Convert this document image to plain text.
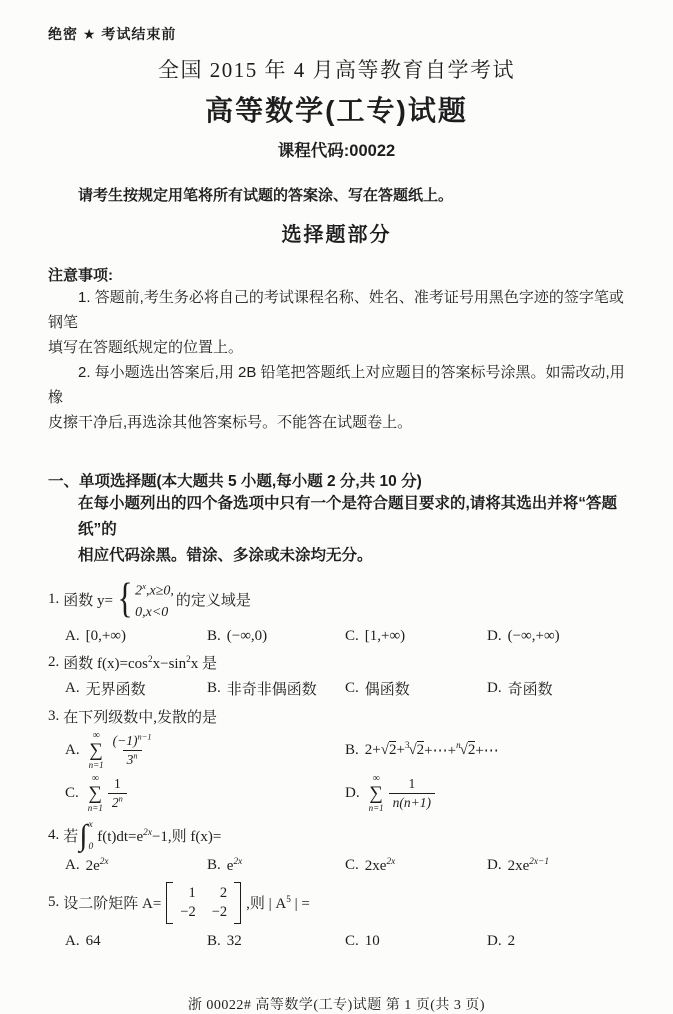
绝密 ★ 考试结束前
全国 2015 年 4 月高等教育自学考试
高等数学(工专)试题
课程代码:00022
请考生按规定用笔将所有试题的答案涂、写在答题纸上。
选择题部分
注意事项:
1. 答题前,考生务必将自己的考试课程名称、姓名、准考证号用黑色字迹的签字笔或钢笔
填写在答题纸规定的位置上。
2. 每小题选出答案后,用 2B 铅笔把答题纸上对应题目的答案标号涂黑。如需改动,用橡
皮擦干净后,再选涂其他答案标号。不能答在试题卷上。
一、单项选择题(本大题共 5 小题,每小题 2 分,共 10 分)
在每小题列出的四个备选项中只有一个是符合题目要求的,请将其选出并将“答题纸”的
相应代码涂黑。错涂、多涂或未涂均无分。
1. 函数 y= { $2^x,x\ge 0$,
0,x<0
的定义域是
A. [0,+∞)	B. (−∞,0)	C. [1,+∞)	D. (−∞,+∞)
2. 函数 $f(x)=\cos^2x-\sin^2x$ 是
A. 无界函数	B. 非奇非偶函数 C. 偶函数	D. 奇函数
3. 在下列级数中,发散的是
A.
∞
∑
$n=1 \frac{(-1)^{n-1}}{3^n}$	B. 2+ √ 2 + 3 √ 2 +⋯+ n √ 2 +⋯
C.
∞
∑
$n=1 \frac{1}{2^n}$	D.
∞
∑
$n=1 \frac{1}{n(n+1)}$
4. 若 ∫ x
0
$f(t)dt=e^{2x}-1$,则 f(x)=
A. $2e^{2x}$	B. $e^{2x}$	C. $2xe^{2x}$	D. $2xe^{2x-1}$
5. 设二阶矩阵 A=
1 2
−2 −2 ,则 | $A^5$ | =
A. 64	B. 32	C. 10	D. 2
浙 00022# 高等数学(工专)试题 第 1 页(共 3 页)
